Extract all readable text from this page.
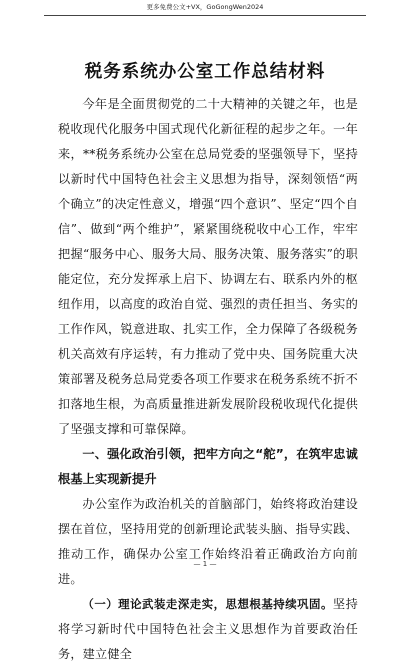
更多免费公文+VX，GoGongWen2024
税务系统办公室工作总结材料

今年是全面贯彻党的二十大精神的关键之年，也是税收现代化服务中国式现代化新征程的起步之年。一年来，**税务系统办公室在总局党委的坚强领导下，坚持以新时代中国特色社会主义思想为指导，深刻领悟“两个确立”的决定性意义，增强“四个意识”、坚定“四个自信”、做到“两个维护”，紧紧围绕税收中心工作，牢牢把握“服务中心、服务大局、服务决策、服务落实”的职能定位，充分发挥承上启下、协调左右、联系内外的枢纽作用，以高度的政治自觉、强烈的责任担当、务实的工作作风，锐意进取、扎实工作，全力保障了各级税务机关高效有序运转，有力推动了党中央、国务院重大决策部署及税务总局党委各项工作要求在税务系统不折不扣落地生根，为高质量推进新发展阶段税收现代化提供了坚强支撑和可靠保障。

一、强化政治引领，把牢方向之“舵”，在筑牢忠诚根基上实现新提升

办公室作为政治机关的首脑部门，始终将政治建设摆在首位，坚持用党的创新理论武装头脑、指导实践、推动工作，确保办公室工作始终沿着正确政治方向前进。

（一）理论武装走深走实，思想根基持续巩固。坚持将学习新时代中国特色社会主义思想作为首要政治任务，建立健全

— 1 —
